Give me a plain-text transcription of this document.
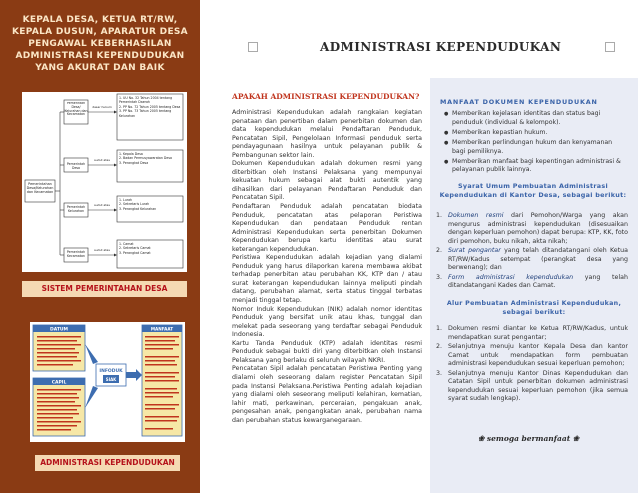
KEPALA DESA, KETUA RT/RW,
KEPALA DUSUN, APARATUR DESA
PENGAWAL KEBERHASILAN
ADMINISTRASI KEPENDUDUKAN
YANG AKURAT DAN BAIK
Pemerintahan Desa/Kelurahan dan Kecamatan
Pemerintah Desa/ Kelurahan dan Kecamatan
dasar hukum
1. UU No. 32 Tahun 2004 tentang Pemerintah Daerah
2. PP No. 72 Tahun 2005 tentang Desa
3. PP No. 73 Tahun 2005 tentang Kelurahan
Pemerintah Desa
sudut atas
1. Kepala Desa
2. Badan Permusyawaratan Desa
3. Perangkat Desa
Pemerintah Kelurahan
sudut atas
1. Lurah
2. Sekretaris Lurah
3. Perangkat Kelurahan
Pemerintah Kecamatan
sudut atas
1. Camat
2. Sekretaris Camat
3. Perangkat Camat
SISTEM PEMERINTAHAN DESA
DATUM
CAPIL
INFODUK
SIAK
MANFAAT
ADMINISTRASI KEPENDUDUKAN
ADMINISTRASI KEPENDUDUKAN
APAKAH ADMINISTRASI KEPENDUDUKAN?

Administrasi Kependudukan adalah rangkaian kegiatan penataan dan penertiban dalam penerbitan dokumen dan data kependudukan melalui Pendaftaran Penduduk, Pencatatan Sipil, Pengelolaan Informasi penduduk serta pendayagunaan hasilnya untuk pelayanan publik & Pembangunan sektor lain.

Dokumen Kependudukan adalah dokumen resmi yang diterbitkan oleh Instansi Pelaksana yang mempunyai kekuatan hukum sebagai alat bukti autentik yang dihasilkan dari pelayanan Pendaftaran Penduduk dan Pencatatan Sipil.

Pendaftaran Penduduk adalah pencatatan biodata Penduduk, pencatatan atas pelaporan Peristiwa Kependudukan dan pendataan Penduduk rentan Administrasi Kependudukan serta penerbitan Dokumen Kependudukan berupa kartu identitas atau surat keterangan kependudukan.

Peristiwa Kependudukan adalah kejadian yang dialami Penduduk yang harus dilaporkan karena membawa akibat terhadap penerbitan atau perubahan KK, KTP dan / atau surat keterangan kependudukan lainnya meliputi pindah datang, perubahan alamat, serta status tinggal terbatas menjadi tinggal tetap.

Nomor Induk Kependudukan (NIK) adalah nomor identitas Penduduk yang bersifat unik atau khas, tunggal dan melekat pada seseorang yang terdaftar sebagai Penduduk Indonesia.

Kartu Tanda Penduduk (KTP) adalah identitas resmi Penduduk sebagai bukti diri yang diterbitkan oleh Instansi Pelaksana yang berlaku di seluruh wilayah NKRI.

Pencatatan Sipil adalah pencatatan Peristiwa Penting yang dialami oleh seseorang dalam register Pencatatan Sipil pada Instansi Pelaksana.Peristiwa Penting adalah kejadian yang dialami oleh seseorang meliputi kelahiran, kematian, lahir mati, perkawinan, perceraian, pengakuan anak, pengesahan anak, pengangkatan anak, perubahan nama dan perubahan status kewarganegaraan.

MANFAAT DOKUMEN KEPENDUDUKAN
● Memberikan kejelasan identitas dan status bagi penduduk (individual & kelompok).
● Memberikan kepastian hukum.
● Memberikan perlindungan hukum dan kenyamanan bagi pemiliknya.
● Memberikan manfaat bagi kepentingan administrasi & pelayanan publik lainnya.
Syarat Umum Pembuatan Administrasi Kependudukan di Kantor Desa, sebagai berikut:
1. Dokumen resmi dari Pemohon/Warga yang akan mengurus administrasi kependudukan (disesuaikan dengan keperluan pemohon) dapat berupa: KTP, KK, foto diri pemohon, buku nikah, akta nikah;
2. Surat pengantar yang telah ditandatangani oleh Ketua RT/RW/Kadus setempat (perangkat desa yang berwenang); dan
3. Form administrasi kependudukan yang telah ditandatangani Kades dan Camat.
Alur Pembuatan Administrasi Kependudukan, sebagai berikut:
1. Dokumen resmi diantar ke Ketua RT/RW/Kadus, untuk mendapatkan surat pengantar;
2. Selanjutnya menuju kantor Kepala Desa dan kantor Camat untuk mendapatkan form pembuatan administrasi kependudukan sesuai keperluan pemohon;
3. Selanjutnya menuju Kantor Dinas Kependudukan dan Catatan Sipil untuk penerbitan dokumen administrasi kependudukan sesuai keperluan pemohon (jika semua syarat sudah lengkap).
❀ semoga bermanfaat ❀
